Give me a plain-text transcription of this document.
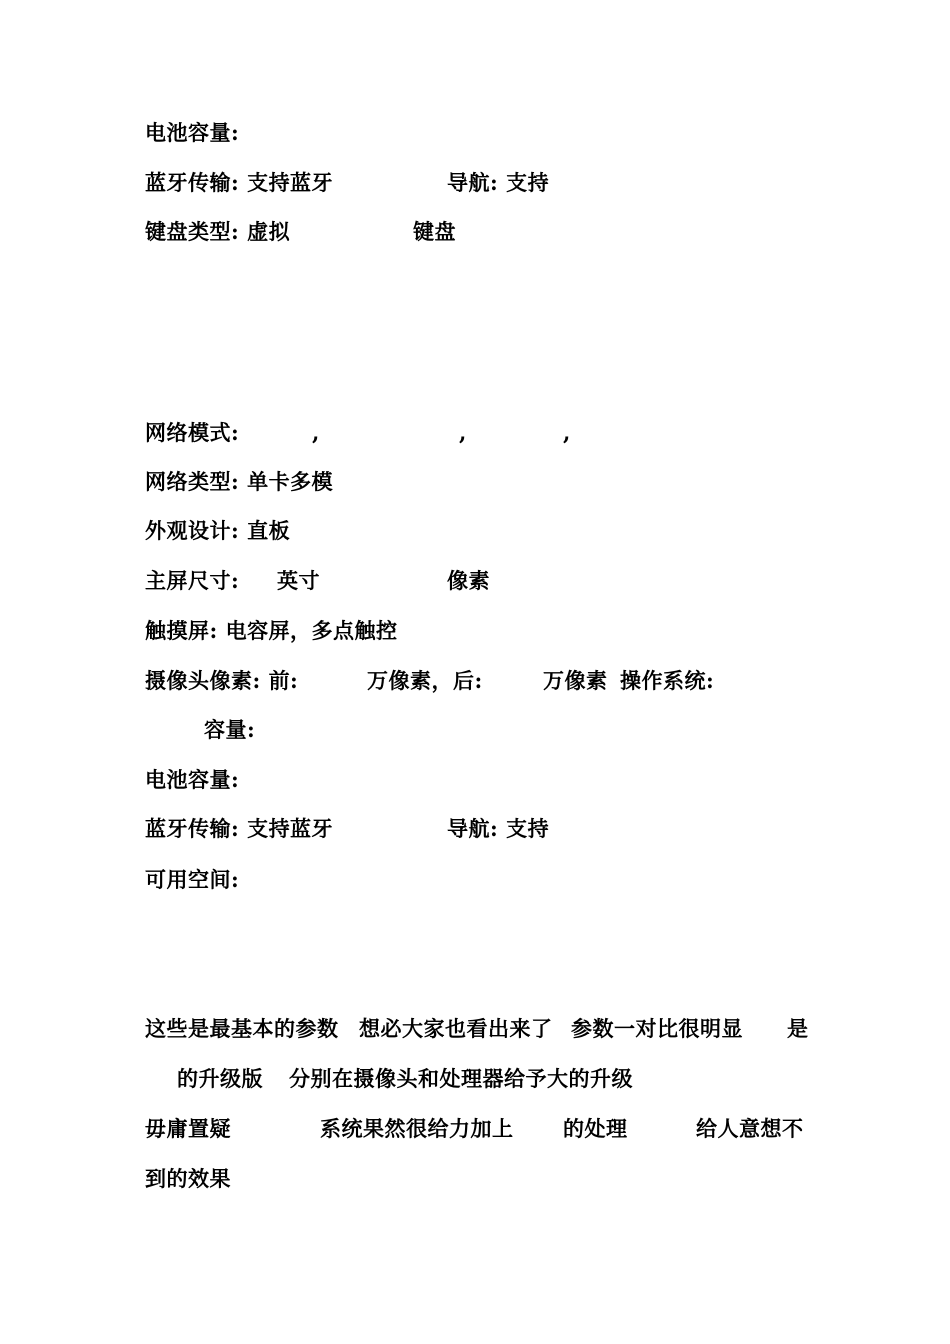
电池容量:
蓝牙传输: 支持蓝牙	导航: 支持
键盘类型: 虚拟	键盘
网络模式:	,	,	,
网络类型: 单卡多模
外观设计: 直板
主屏尺寸: 英寸	像素
触摸屏: 电容屏，多点触控
摄像头像素: 前:	万像素，后:	万像素 操作系统:
容量:
电池容量:
蓝牙传输: 支持蓝牙	导航: 支持
可用空间:
这些是最基本的参数 想必大家也看出来了 参数一对比很明显 是
的升级版 分别在摄像头和处理器给予大的升级
毋庸置疑	系统果然很给力加上 的处理	给人意想不
到的效果
